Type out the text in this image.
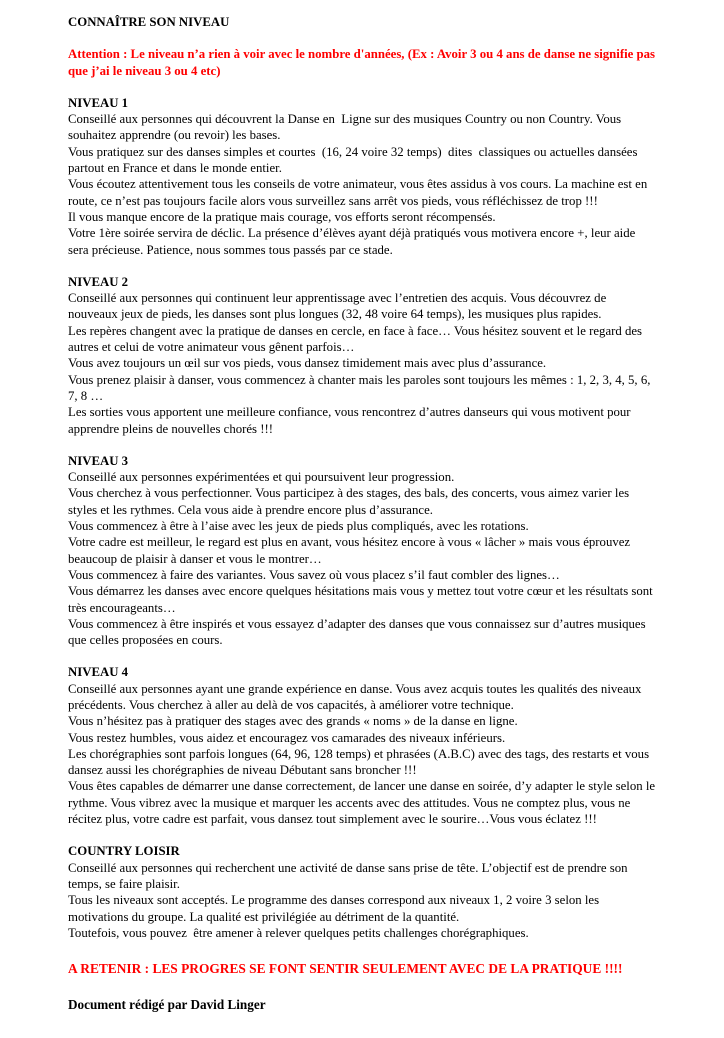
CONNAÎTRE SON NIVEAU

Attention : Le niveau n’a rien à voir avec le nombre d'années, (Ex : Avoir 3 ou 4 ans de danse ne signifie pas que j’ai le niveau 3 ou 4 etc)

NIVEAU 1

Conseillé aux personnes qui découvrent la Danse en  Ligne sur des musiques Country ou non Country. Vous souhaitez apprendre (ou revoir) les bases.

Vous pratiquez sur des danses simples et courtes  (16, 24 voire 32 temps)  dites  classiques ou actuelles dansées partout en France et dans le monde entier.

Vous écoutez attentivement tous les conseils de votre animateur, vous êtes assidus à vos cours. La machine est en route, ce n’est pas toujours facile alors vous surveillez sans arrêt vos pieds, vous réfléchissez de trop !!!

Il vous manque encore de la pratique mais courage, vos efforts seront récompensés.

Votre 1ère soirée servira de déclic. La présence d’élèves ayant déjà pratiqués vous motivera encore +, leur aide sera précieuse. Patience, nous sommes tous passés par ce stade.

NIVEAU 2

Conseillé aux personnes qui continuent leur apprentissage avec l’entretien des acquis. Vous découvrez de nouveaux jeux de pieds, les danses sont plus longues (32, 48 voire 64 temps), les musiques plus rapides.

Les repères changent avec la pratique de danses en cercle, en face à face… Vous hésitez souvent et le regard des autres et celui de votre animateur vous gênent parfois…

Vous avez toujours un œil sur vos pieds, vous dansez timidement mais avec plus d’assurance.

Vous prenez plaisir à danser, vous commencez à chanter mais les paroles sont toujours les mêmes : 1, 2, 3, 4, 5, 6, 7, 8 …

Les sorties vous apportent une meilleure confiance, vous rencontrez d’autres danseurs qui vous motivent pour apprendre pleins de nouvelles chorés !!!

NIVEAU 3

Conseillé aux personnes expérimentées et qui poursuivent leur progression.

Vous cherchez à vous perfectionner. Vous participez à des stages, des bals, des concerts, vous aimez varier les styles et les rythmes. Cela vous aide à prendre encore plus d’assurance.

Vous commencez à être à l’aise avec les jeux de pieds plus compliqués, avec les rotations.

Votre cadre est meilleur, le regard est plus en avant, vous hésitez encore à vous « lâcher » mais vous éprouvez beaucoup de plaisir à danser et vous le montrer…

Vous commencez à faire des variantes. Vous savez où vous placez s’il faut combler des lignes…

Vous démarrez les danses avec encore quelques hésitations mais vous y mettez tout votre cœur et les résultats sont très encourageants…

Vous commencez à être inspirés et vous essayez d’adapter des danses que vous connaissez sur d’autres musiques que celles proposées en cours.

NIVEAU 4

Conseillé aux personnes ayant une grande expérience en danse. Vous avez acquis toutes les qualités des niveaux précédents. Vous cherchez à aller au delà de vos capacités, à améliorer votre technique.

Vous n’hésitez pas à pratiquer des stages avec des grands « noms » de la danse en ligne.

Vous restez humbles, vous aidez et encouragez vos camarades des niveaux inférieurs.

Les chorégraphies sont parfois longues (64, 96, 128 temps) et phrasées (A.B.C) avec des tags, des restarts et vous dansez aussi les chorégraphies de niveau Débutant sans broncher !!!

Vous êtes capables de démarrer une danse correctement, de lancer une danse en soirée, d’y adapter le style selon le rythme. Vous vibrez avec la musique et marquer les accents avec des attitudes. Vous ne comptez plus, vous ne récitez plus, votre cadre est parfait, vous dansez tout simplement avec le sourire…Vous vous éclatez !!!

COUNTRY LOISIR

Conseillé aux personnes qui recherchent une activité de danse sans prise de tête. L’objectif est de prendre son temps, se faire plaisir.

Tous les niveaux sont acceptés. Le programme des danses correspond aux niveaux 1, 2 voire 3 selon les motivations du groupe. La qualité est privilégiée au détriment de la quantité.

Toutefois, vous pouvez  être amener à relever quelques petits challenges chorégraphiques.

A RETENIR : LES PROGRES SE FONT SENTIR SEULEMENT AVEC DE LA PRATIQUE !!!!

Document rédigé par David Linger
